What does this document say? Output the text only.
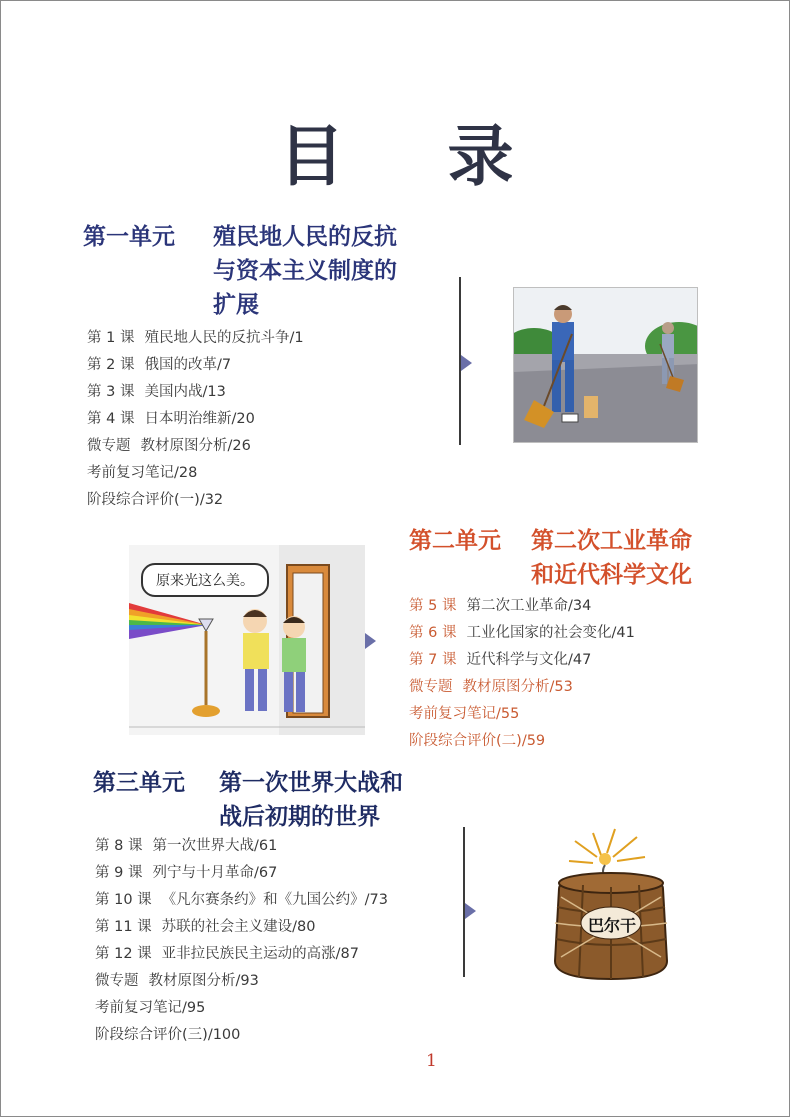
目 录
第一单元 殖民地人民的反抗
与资本主义制度的
扩展
第 1 课 殖民地人民的反抗斗争/1
第 2 课 俄国的改革/7
第 3 课 美国内战/13
第 4 课 日本明治维新/20
微专题 教材原图分析/26
考前复习笔记/28
阶段综合评价(一)/32
第二单元 第二次工业革命
和近代科学文化
第 5 课 第二次工业革命/34
第 6 课 工业化国家的社会变化/41
第 7 课 近代科学与文化/47
微专题 教材原图分析/53
考前复习笔记/55
阶段综合评价(二)/59
原来光这么美。
第三单元 第一次世界大战和
战后初期的世界
第 8 课 第一次世界大战/61
第 9 课 列宁与十月革命/67
第 10 课 《凡尔赛条约》和《九国公约》/73
第 11 课 苏联的社会主义建设/80
第 12 课 亚非拉民族民主运动的高涨/87
微专题 教材原图分析/93
考前复习笔记/95
阶段综合评价(三)/100
巴尔干
1
